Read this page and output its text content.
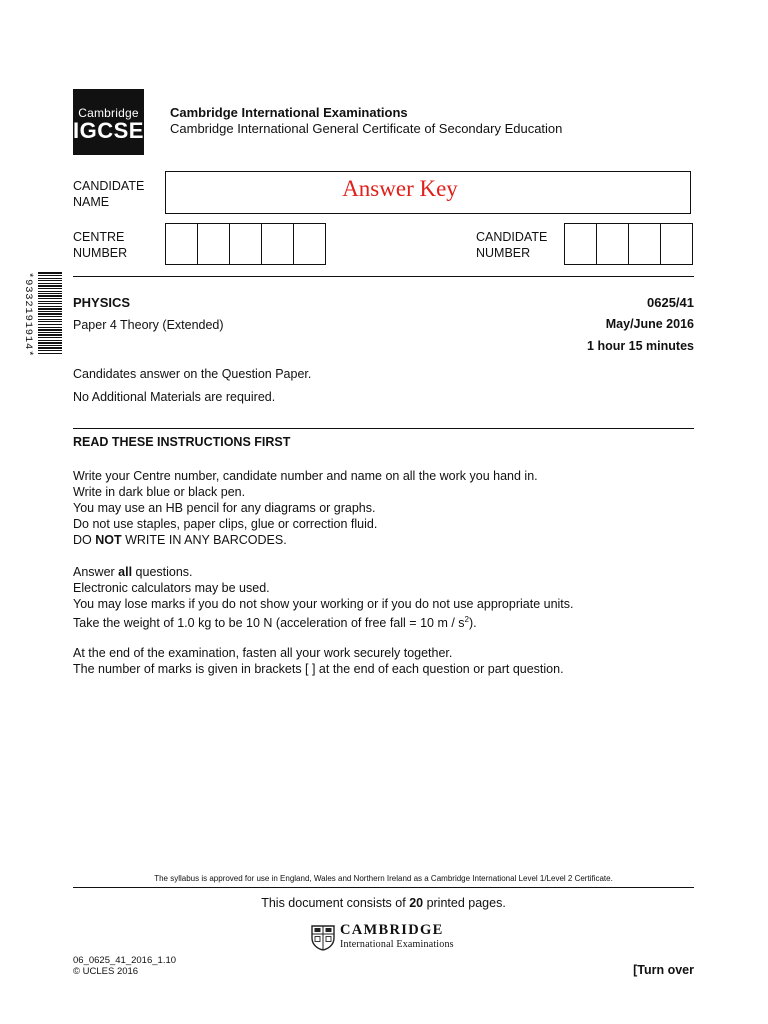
Cambridge
IGCSE
Cambridge International Examinations
Cambridge International General Certificate of Secondary Education
CANDIDATE
NAME
Answer Key
CENTRE
NUMBER
CANDIDATE
NUMBER
*9332191914*	PHYSICS	0625/41
Paper 4 Theory (Extended)	May/June 2016
1 hour 15 minutes
Candidates answer on the Question Paper.
No Additional Materials are required.
READ THESE INSTRUCTIONS FIRST
Write your Centre number, candidate number and name on all the work you hand in.
Write in dark blue or black pen.
You may use an HB pencil for any diagrams or graphs.
Do not use staples, paper clips, glue or correction fluid.
DO NOT WRITE IN ANY BARCODES.
Answer all questions.
Electronic calculators may be used.
You may lose marks if you do not show your working or if you do not use appropriate units.
Take the weight of 1.0 kg to be 10 N (acceleration of free fall = 10 m / $s^2$).
At the end of the examination, fasten all your work securely together.
The number of marks is given in brackets [ ] at the end of each question or part question.
The syllabus is approved for use in England, Wales and Northern Ireland as a Cambridge International Level 1/Level 2 Certificate.
This document consists of 20 printed pages.
CAMBRIDGE
International Examinations
06_0625_41_2016_1.10
© UCLES 2016	[Turn over
